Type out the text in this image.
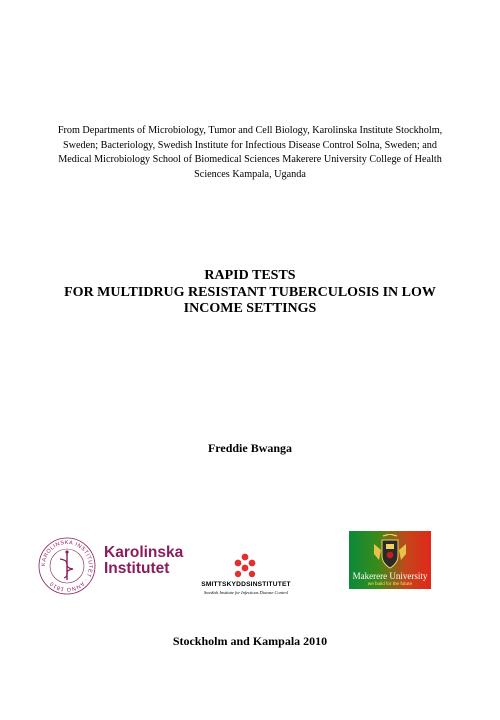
From Departments of Microbiology, Tumor and Cell Biology, Karolinska Institute Stockholm,
Sweden; Bacteriology, Swedish Institute for Infectious Disease Control Solna, Sweden; and
Medical Microbiology School of Biomedical Sciences Makerere University College of Health
Sciences Kampala, Uganda
RAPID TESTS
FOR MULTIDRUG RESISTANT TUBERCULOSIS IN LOW
INCOME SETTINGS
Freddie Bwanga
KAROLINSKA INSTITUTET · ANNO 1810
Karolinska
Institutet
SMITTSKYDDSINSTITUTET
Swedish Institute for Infectious Disease Control
Makerere University
we build for the future
Stockholm and Kampala 2010
